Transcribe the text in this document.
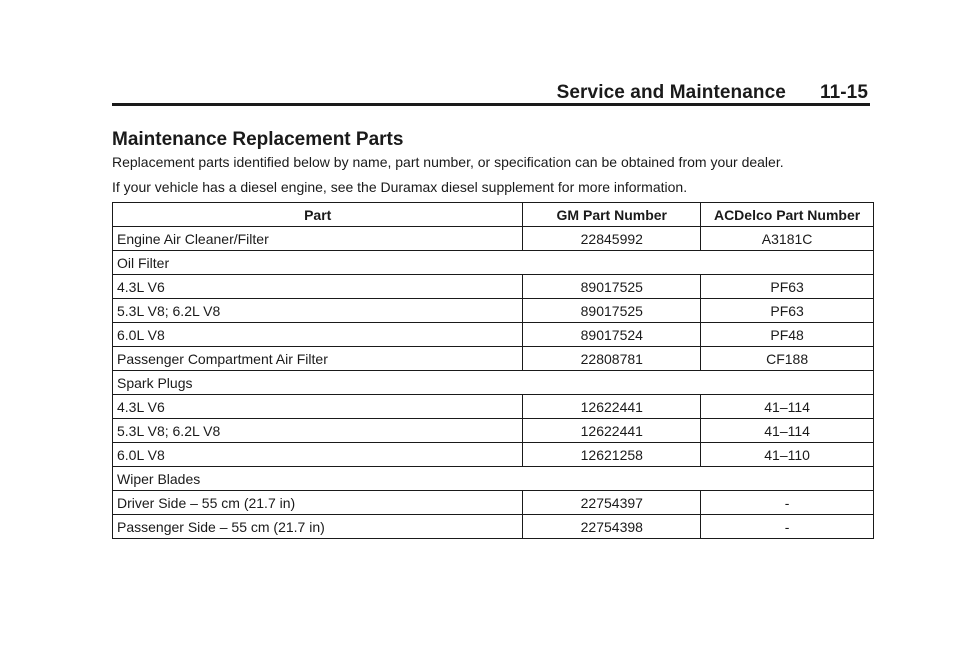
Service and Maintenance 11-15
Maintenance Replacement Parts

Replacement parts identified below by name, part number, or specification can be obtained from your dealer.

If your vehicle has a diesel engine, see the Duramax diesel supplement for more information.

Part	GM Part Number	ACDelco Part Number
Engine Air Cleaner/Filter	22845992	A3181C
Oil Filter		
4.3L V6	89017525	PF63
5.3L V8; 6.2L V8	89017525	PF63
6.0L V8	89017524	PF48
Passenger Compartment Air Filter	22808781	CF188
Spark Plugs		
4.3L V6	12622441	41–114
5.3L V8; 6.2L V8	12622441	41–114
6.0L V8	12621258	41–110
Wiper Blades		
Driver Side – 55 cm (21.7 in)	22754397	-
Passenger Side – 55 cm (21.7 in)	22754398	-
